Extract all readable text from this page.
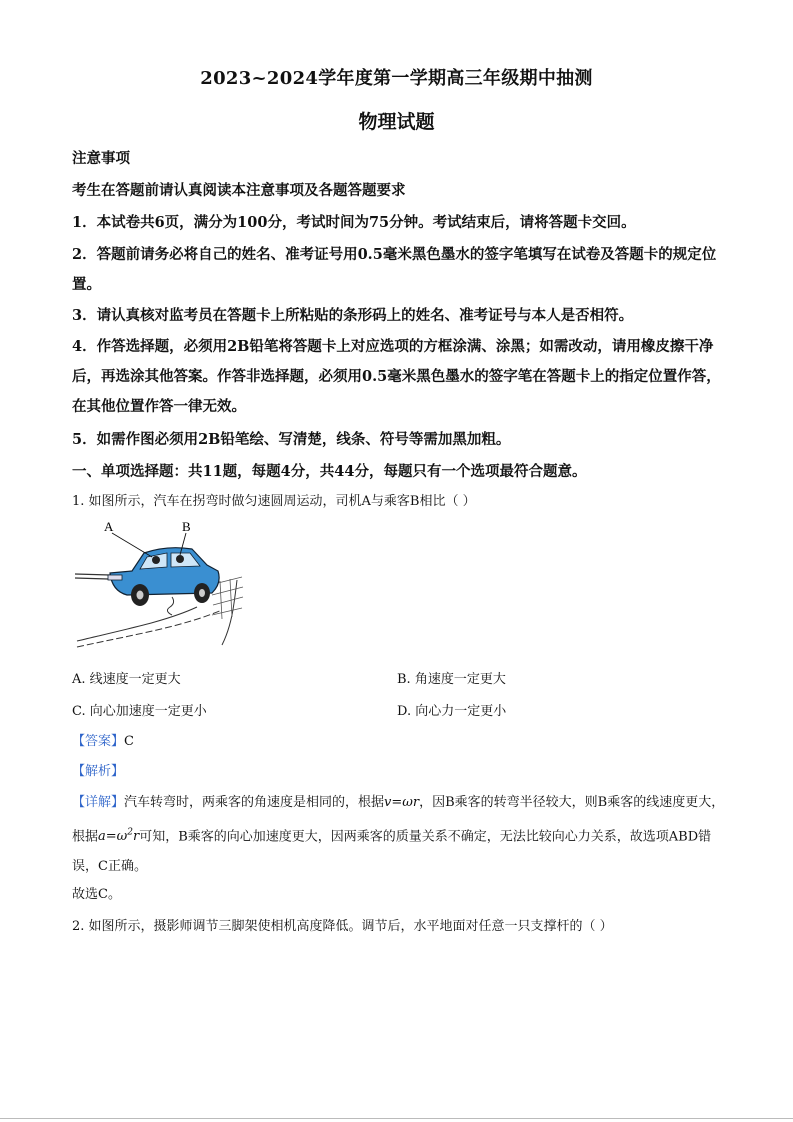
2023~2024学年度第一学期高三年级期中抽测
物理试题
注意事项
考生在答题前请认真阅读本注意事项及各题答题要求
1．本试卷共6页，满分为100分，考试时间为75分钟。考试结束后，请将答题卡交回。
2．答题前请务必将自己的姓名、准考证号用0.5毫米黑色墨水的签字笔填写在试卷及答题卡的规定位置。
3．请认真核对监考员在答题卡上所粘贴的条形码上的姓名、准考证号与本人是否相符。
4．作答选择题，必须用2B铅笔将答题卡上对应选项的方框涂满、涂黑；如需改动，请用橡皮擦干净后，再选涂其他答案。作答非选择题，必须用0.5毫米黑色墨水的签字笔在答题卡上的指定位置作答，在其他位置作答一律无效。
5．如需作图必须用2B铅笔绘、写清楚，线条、符号等需加黑加粗。
一、单项选择题：共11题，每题4分，共44分，每题只有一个选项最符合题意。
1. 如图所示，汽车在拐弯时做匀速圆周运动，司机A与乘客B相比（ ）
A	B
A. 线速度一定更大	B. 角速度一定更大
C. 向心加速度一定更小	D. 向心力一定更小
【答案】C
【解析】
【详解】汽车转弯时，两乘客的角速度是相同的，根据v=ωr，因B乘客的转弯半径较大，则B乘客的线速度更大，根据$a=\omega^2r$可知，B乘客的向心加速度更大，因两乘客的质量关系不确定，无法比较向心力关系，故选项ABD错误，C正确。
故选C。
2. 如图所示，摄影师调节三脚架使相机高度降低。调节后，水平地面对任意一只支撑杆的（ ）
